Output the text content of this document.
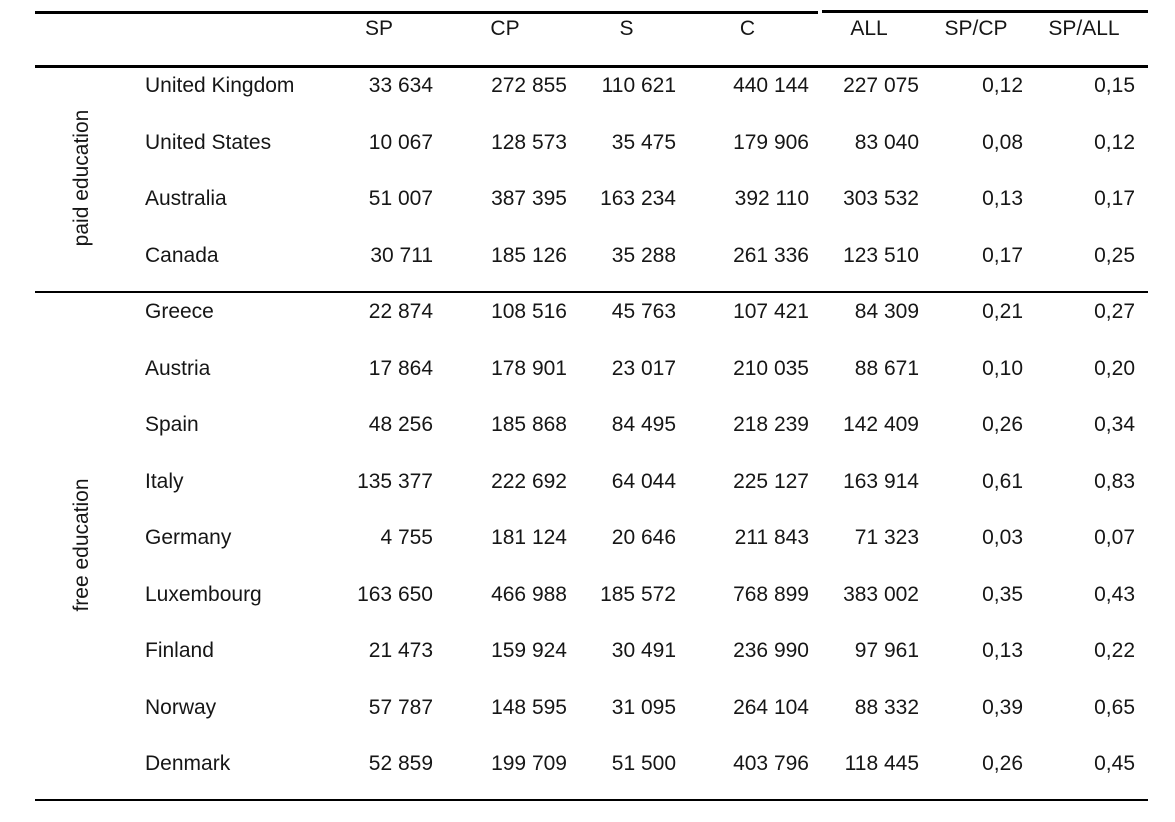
		SP	CP	S	C	ALL	SP/CP	SP/ALL

paid education	United Kingdom	33 634	272 855	110 621	440 144	227 075	0,12	0,15
	United States	10 067	128 573	35 475	179 906	83 040	0,08	0,12
	Australia	51 007	387 395	163 234	392 110	303 532	0,13	0,17
	Canada	30 711	185 126	35 288	261 336	123 510	0,17	0,25

free education	Greece	22 874	108 516	45 763	107 421	84 309	0,21	0,27
	Austria	17 864	178 901	23 017	210 035	88 671	0,10	0,20
	Spain	48 256	185 868	84 495	218 239	142 409	0,26	0,34
	Italy	135 377	222 692	64 044	225 127	163 914	0,61	0,83
	Germany	4 755	181 124	20 646	211 843	71 323	0,03	0,07
	Luxembourg	163 650	466 988	185 572	768 899	383 002	0,35	0,43
	Finland	21 473	159 924	30 491	236 990	97 961	0,13	0,22
	Norway	57 787	148 595	31 095	264 104	88 332	0,39	0,65
	Denmark	52 859	199 709	51 500	403 796	118 445	0,26	0,45
